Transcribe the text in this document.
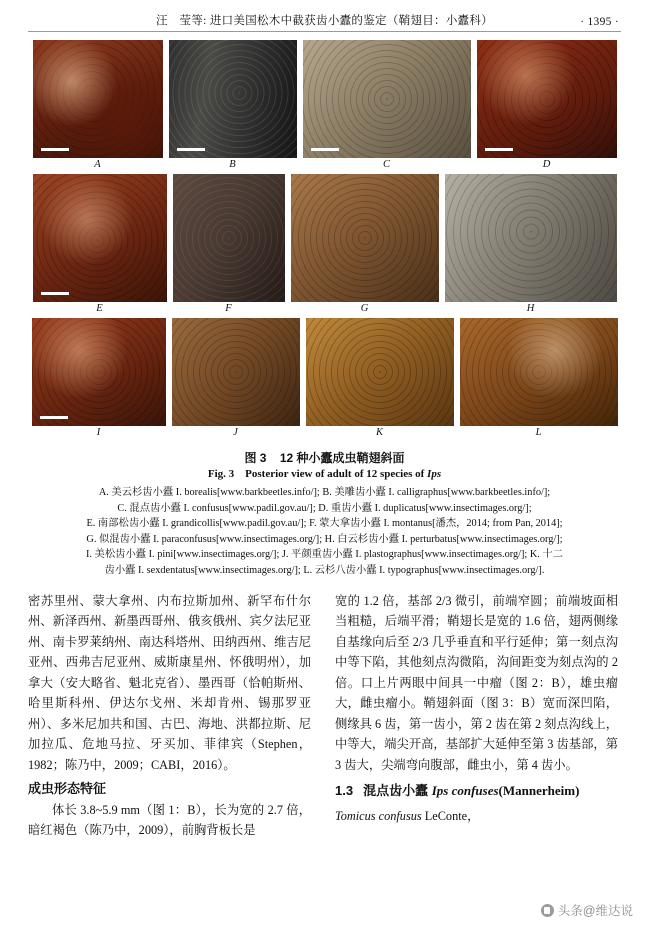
汪　莹等: 进口美国松木中截获齿小蠹的鉴定（鞘翅目：小蠹科）	· 1395 ·
A	B	C	D
E	F	G	H
I	J	K	L
图 3 12 种小蠹成虫鞘翅斜面
Fig. 3 Posterior view of adult of 12 species of Ips
A. 美云杉齿小蠹 I. borealis[www.barkbeetles.info/]; B. 美雕齿小蠹 I. calligraphus[www.barkbeetles.info/];
C. 混点齿小蠹 I. confusus[www.padil.gov.au/]; D. 重齿小蠹 I. duplicatus[www.insectimages.org/];
E. 南部松齿小蠹 I. grandicollis[www.padil.gov.au/]; F. 蒙大拿齿小蠹 I. montanus[潘杰，2014; from Pan, 2014];
G. 似混齿小蠹 I. paraconfusus[www.insectimages.org/]; H. 白云杉齿小蠹 I. perturbatus[www.insectimages.org/];
I. 美松齿小蠹 I. pini[www.insectimages.org/]; J. 平颜重齿小蠹 I. plastographus[www.insectimages.org/]; K. 十二
齿小蠹 I. sexdentatus[www.insectimages.org/]; L. 云杉八齿小蠹 I. typographus[www.insectimages.org/].

密苏里州、蒙大拿州、内布拉斯加州、新罕布什尔州、新泽西州、新墨西哥州、俄亥俄州、宾夕法尼亚州、南卡罗莱纳州、南达科塔州、田纳西州、维吉尼亚州、西弗吉尼亚州、威斯康星州、怀俄明州），加拿大（安大略省、魁北克省）、墨西哥（恰帕斯州、哈里斯科州、伊达尔戈州、米却肯州、锡那罗亚州）、多米尼加共和国、古巴、海地、洪都拉斯、尼加拉瓜、危地马拉、牙买加、菲律宾（Stephen，1982；陈乃中，2009；CABI，2016）。

成虫形态特征

体长 3.8~5.9 mm（图 1：B），长为宽的 2.7 倍，暗红褐色（陈乃中，2009），前胸背板长是

宽的 1.2 倍，基部 2/3 微引，前端窄圆；前端坡面相当粗糙，后端平滑；鞘翅长是宽的 1.6 倍，翅两侧缘自基缘向后至 2/3 几乎垂直和平行延伸；第一刻点沟中等下陷，其他刻点沟微陷，沟间距变为刻点沟的 2 倍。口上片两眼中间具一中瘤（图 2：B），雄虫瘤大，雌虫瘤小。鞘翅斜面（图 3：B）宽而深凹陷，侧缘具 6 齿，第一齿小，第 2 齿在第 2 刻点沟线上，中等大，端尖开高，基部扩大延伸至第 3 齿基部，第 3 齿大，尖端弯向腹部，雌虫小，第 4 齿小。

1.3 混点齿小蠹 Ips confuses(Mannerheim)
Tomicus confusus LeConte，
头条@维达说
